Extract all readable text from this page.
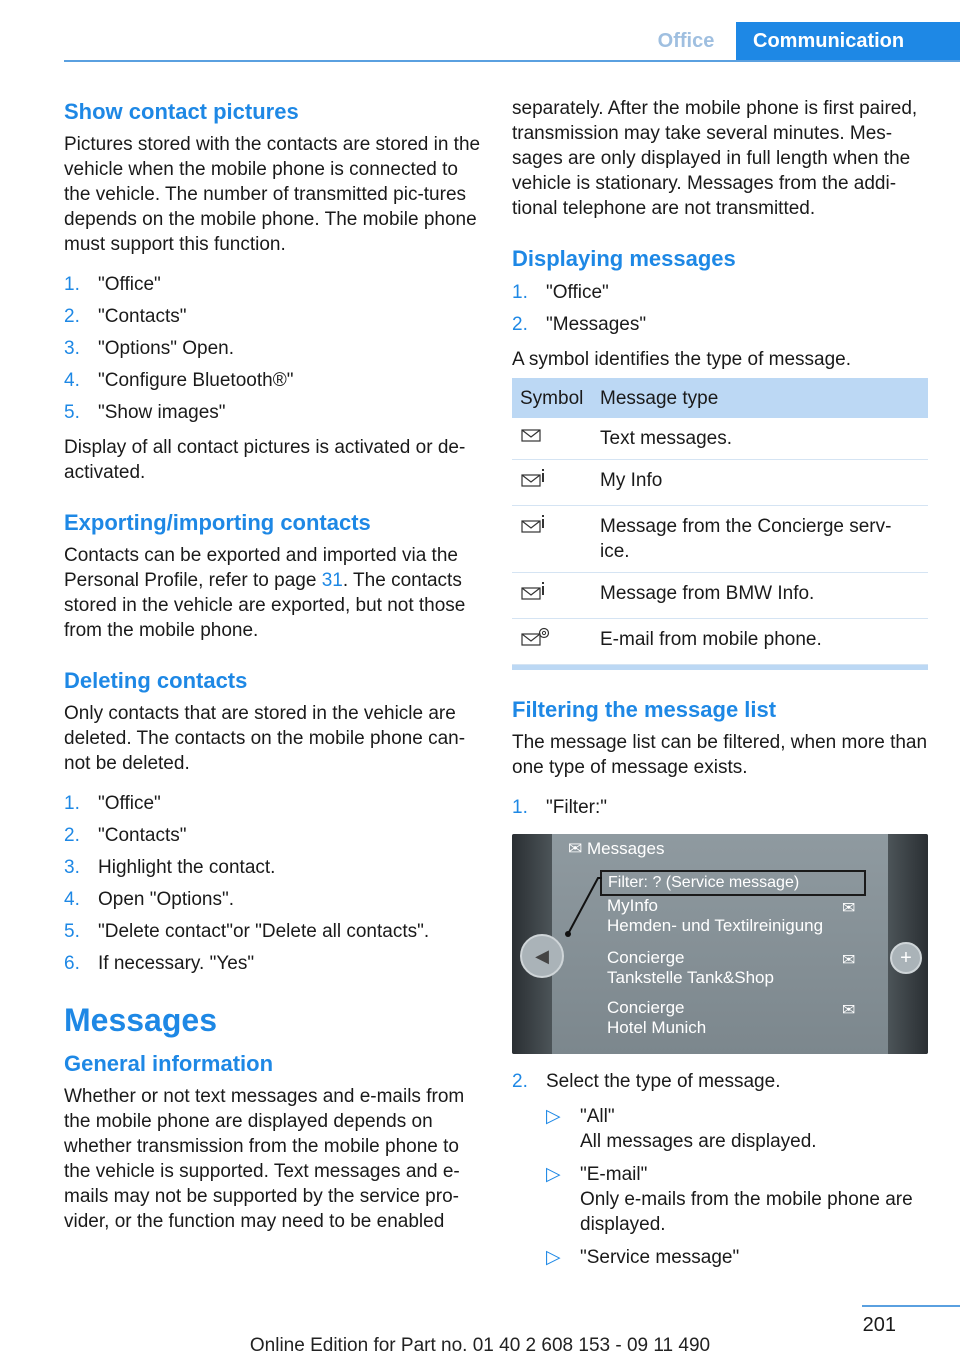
Office	Communication
Show contact pictures

Pictures stored with the contacts are stored in the vehicle when the mobile phone is connected to the vehicle. The number of transmitted pic-tures depends on the mobile phone. The mobile phone must support this function.

1. "Office"
2. "Contacts"
3. "Options" Open.
4. "Configure Bluetooth®"
5. "Show images"

Display of all contact pictures is activated or de-activated.

Exporting/importing contacts

Contacts can be exported and imported via the Personal Profile, refer to page 31. The contacts stored in the vehicle are exported, but not those from the mobile phone.

Deleting contacts

Only contacts that are stored in the vehicle are deleted. The contacts on the mobile phone can-not be deleted.

1. "Office"
2. "Contacts"
3. Highlight the contact.
4. Open "Options".
5. "Delete contact"or "Delete all contacts".
6. If necessary. "Yes"
Messages
General information

Whether or not text messages and e-mails from the mobile phone are displayed depends on whether transmission from the mobile phone to the vehicle is supported. Text messages and e-mails may not be supported by the service pro-vider, or the function may need to be enabled

separately. After the mobile phone is first paired, transmission may take several minutes. Mes-sages are only displayed in full length when the vehicle is stationary. Messages from the addi-tional telephone are not transmitted.

Displaying messages
1. "Office"
2. "Messages"

A symbol identifies the type of message.

Symbol	Message type
	Text messages.
	My Info
	Message from the Concierge serv-ice.
	Message from BMW Info.
	E-mail from mobile phone.
Filtering the message list

The message list can be filtered, when more than one type of message exists.

1. "Filter:"
◀	+
✉ Messages
Filter: ? (Service message)
MyInfo
Hemden- und Textilreinigung
✉
Concierge
Tankstelle Tank&Shop
✉
Concierge
Hotel Munich
✉
2. Select the type of message.
▷	"All"
All messages are displayed.
▷	"E-mail"
Only e-mails from the mobile phone are displayed.
▷	"Service message"
201
Online Edition for Part no. 01 40 2 608 153 - 09 11 490
